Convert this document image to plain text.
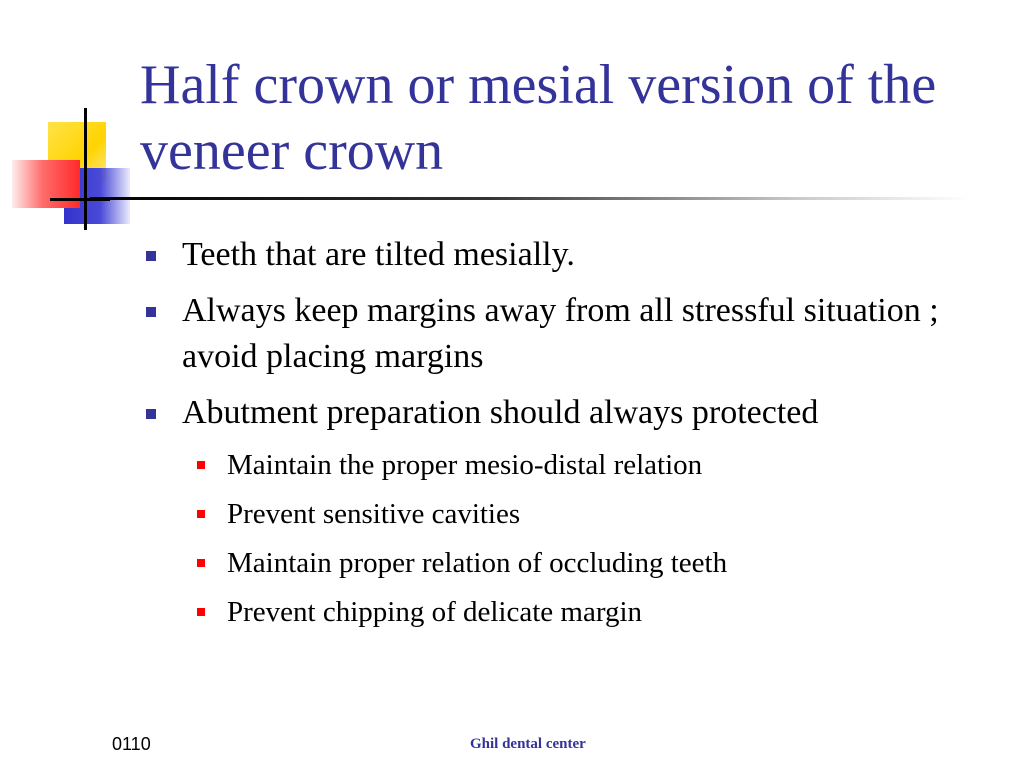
Half crown or mesial version of the veneer crown
Teeth that are tilted mesially.
Always keep margins away from all stressful situation ; avoid placing margins
Abutment preparation should always protected
Maintain the proper mesio-distal relation
Prevent sensitive cavities
Maintain proper relation of occluding teeth
Prevent chipping of delicate margin
0110	Ghil dental center
